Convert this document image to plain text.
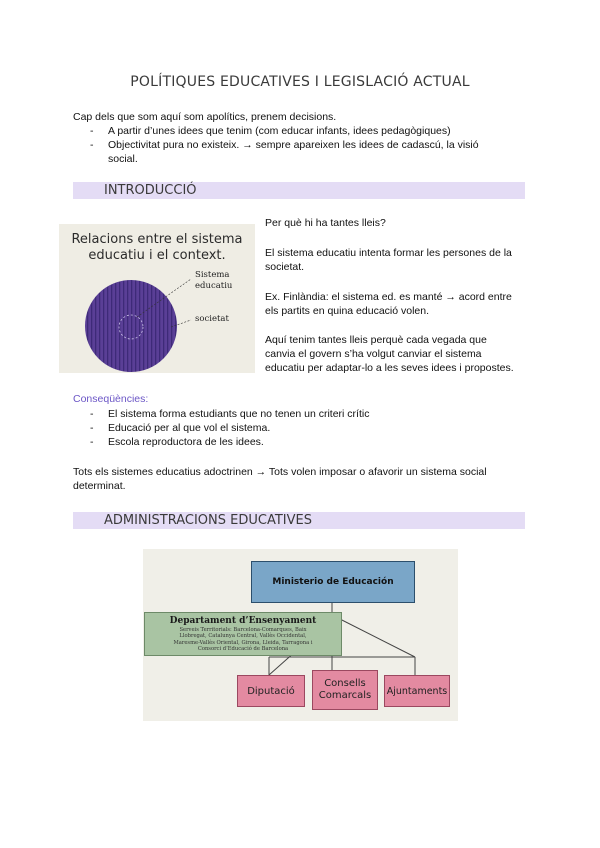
POLÍTIQUES EDUCATIVES I LEGISLACIÓ ACTUAL
Cap dels que som aquí som apolítics, prenem decisions.
- A partir d’unes idees que tenim (com educar infants, idees pedagògiques)
- Objectivitat pura no existeix. → sempre apareixen les idees de cadascú, la visió
social.
INTRODUCCIÓ
Relacions entre el sistema
educatiu i el context.
Sistema
educatiu
societat
Per què hi ha tantes lleis?
El sistema educatiu intenta formar les persones de la
societat.
Ex. Finlàndia: el sistema ed. es manté → acord entre
els partits en quina educació volen.
Aquí tenim tantes lleis perquè cada vegada que
canvia el govern s’ha volgut canviar el sistema
educatiu per adaptar-lo a les seves idees i propostes.
Conseqüències:
- El sistema forma estudiants que no tenen un criteri crític
- Educació per al que vol el sistema.
- Escola reproductora de les idees.
Tots els sistemes educatius adoctrinen → Tots volen imposar o afavorir un sistema social
determinat.
ADMINISTRACIONS EDUCATIVES
Ministerio de Educación
Departament d’Ensenyament
Serveis Territorials: Barcelona-Comarques, Baix
Llobregat, Catalunya Central, Vallès Occidental,
Maresme-Vallès Oriental, Girona, Lleida, Tarragona i
Consorci d’Educació de Barcelona
Diputació
Consells
Comarcals Ajuntaments
